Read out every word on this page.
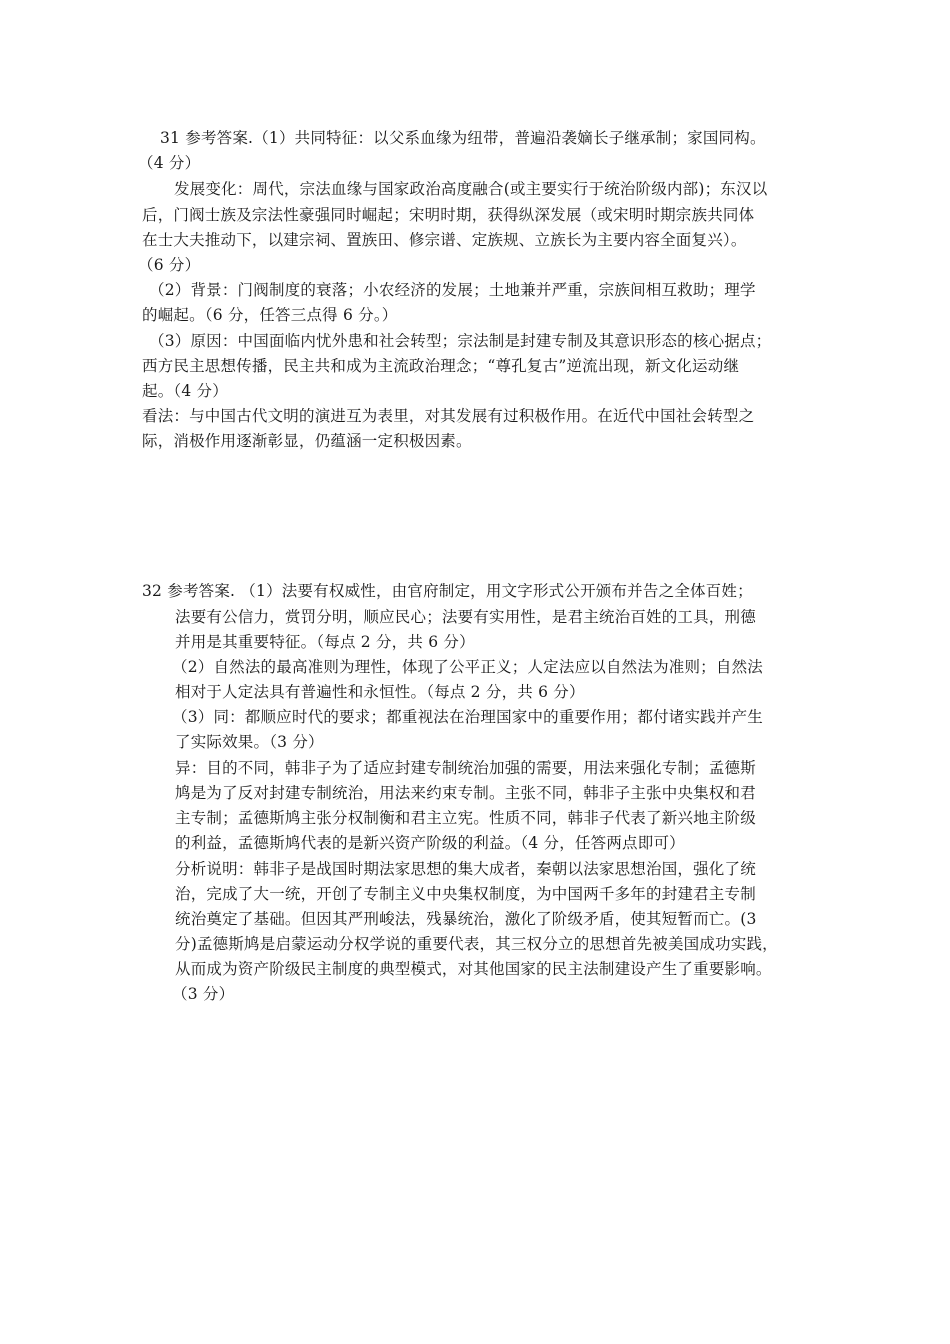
31 参考答案.（1）共同特征：以父系血缘为纽带，普遍沿袭嫡长子继承制；家国同构。
（4 分）
发展变化：周代，宗法血缘与国家政治高度融合(或主要实行于统治阶级内部)；东汉以
后，门阀士族及宗法性豪强同时崛起；宋明时期，获得纵深发展（或宋明时期宗族共同体
在士大夫推动下，以建宗祠、置族田、修宗谱、定族规、立族长为主要内容全面复兴）。
（6 分）
（2）背景：门阀制度的衰落；小农经济的发展；土地兼并严重，宗族间相互救助；理学
的崛起。（6 分，任答三点得 6 分。）
（3）原因：中国面临内忧外患和社会转型；宗法制是封建专制及其意识形态的核心据点；
西方民主思想传播，民主共和成为主流政治理念；“尊孔复古”逆流出现，新文化运动继
起。（4 分）
看法：与中国古代文明的演进互为表里，对其发展有过积极作用。在近代中国社会转型之
际，消极作用逐渐彰显，仍蕴涵一定积极因素。
32 参考答案. （1）法要有权威性，由官府制定，用文字形式公开颁布并告之全体百姓；
法要有公信力，赏罚分明，顺应民心；法要有实用性，是君主统治百姓的工具，刑德
并用是其重要特征。（每点 2 分，共 6 分）
（2）自然法的最高准则为理性，体现了公平正义；人定法应以自然法为准则；自然法
相对于人定法具有普遍性和永恒性。（每点 2 分，共 6 分）
（3）同：都顺应时代的要求；都重视法在治理国家中的重要作用；都付诸实践并产生
了实际效果。（3 分）
异：目的不同，韩非子为了适应封建专制统治加强的需要，用法来强化专制；孟德斯
鸠是为了反对封建专制统治，用法来约束专制。主张不同，韩非子主张中央集权和君
主专制；孟德斯鸠主张分权制衡和君主立宪。性质不同，韩非子代表了新兴地主阶级
的利益，孟德斯鸠代表的是新兴资产阶级的利益。（4 分，任答两点即可）
分析说明：韩非子是战国时期法家思想的集大成者，秦朝以法家思想治国，强化了统
治，完成了大一统，开创了专制主义中央集权制度，为中国两千多年的封建君主专制
统治奠定了基础。但因其严刑峻法，残暴统治，激化了阶级矛盾，使其短暂而亡。(3
分)孟德斯鸠是启蒙运动分权学说的重要代表，其三权分立的思想首先被美国成功实践，
从而成为资产阶级民主制度的典型模式，对其他国家的民主法制建设产生了重要影响。
（3 分）
